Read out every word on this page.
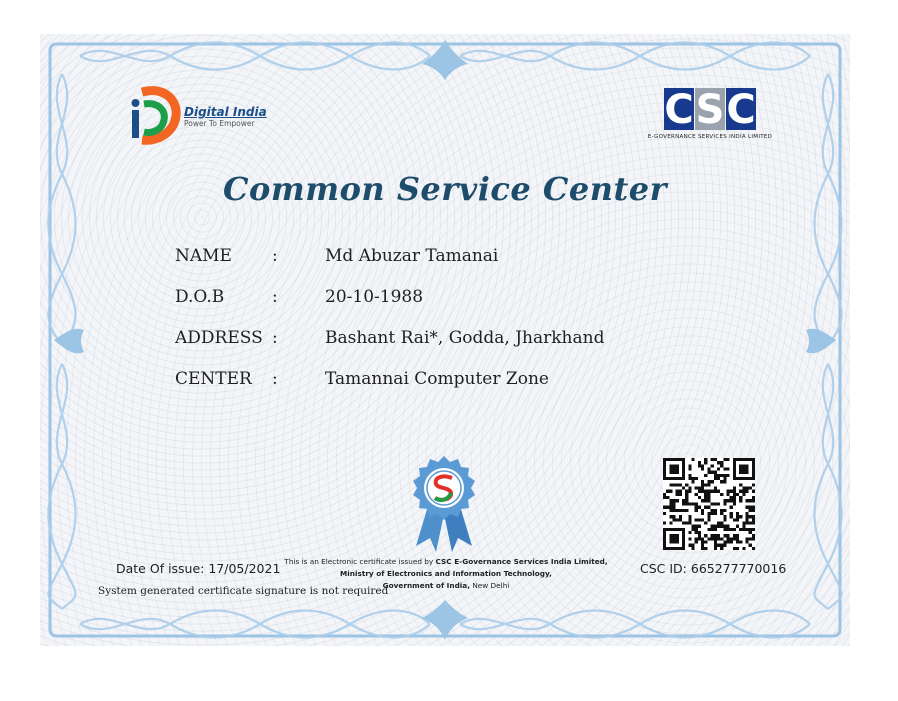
Digital India
Power To Empower	C S C
E-GOVERNANCE SERVICES INDIA LIMITED
Common Service Center
NAME :	Md Abuzar Tamanai
D.O.B	:	20-10-1988
ADDRESS :	Bashant Rai*, Godda, Jharkhand
CENTER :	Tamannai Computer Zone
Date Of issue: 17/05/2021
System generated certificate signature is not required
This is an Electronic certificate issued by CSC E-Governance Services India Limited,
Ministry of Electronics and Information Technology,
Government of India, New Delhi
CSC ID: 665277770016
